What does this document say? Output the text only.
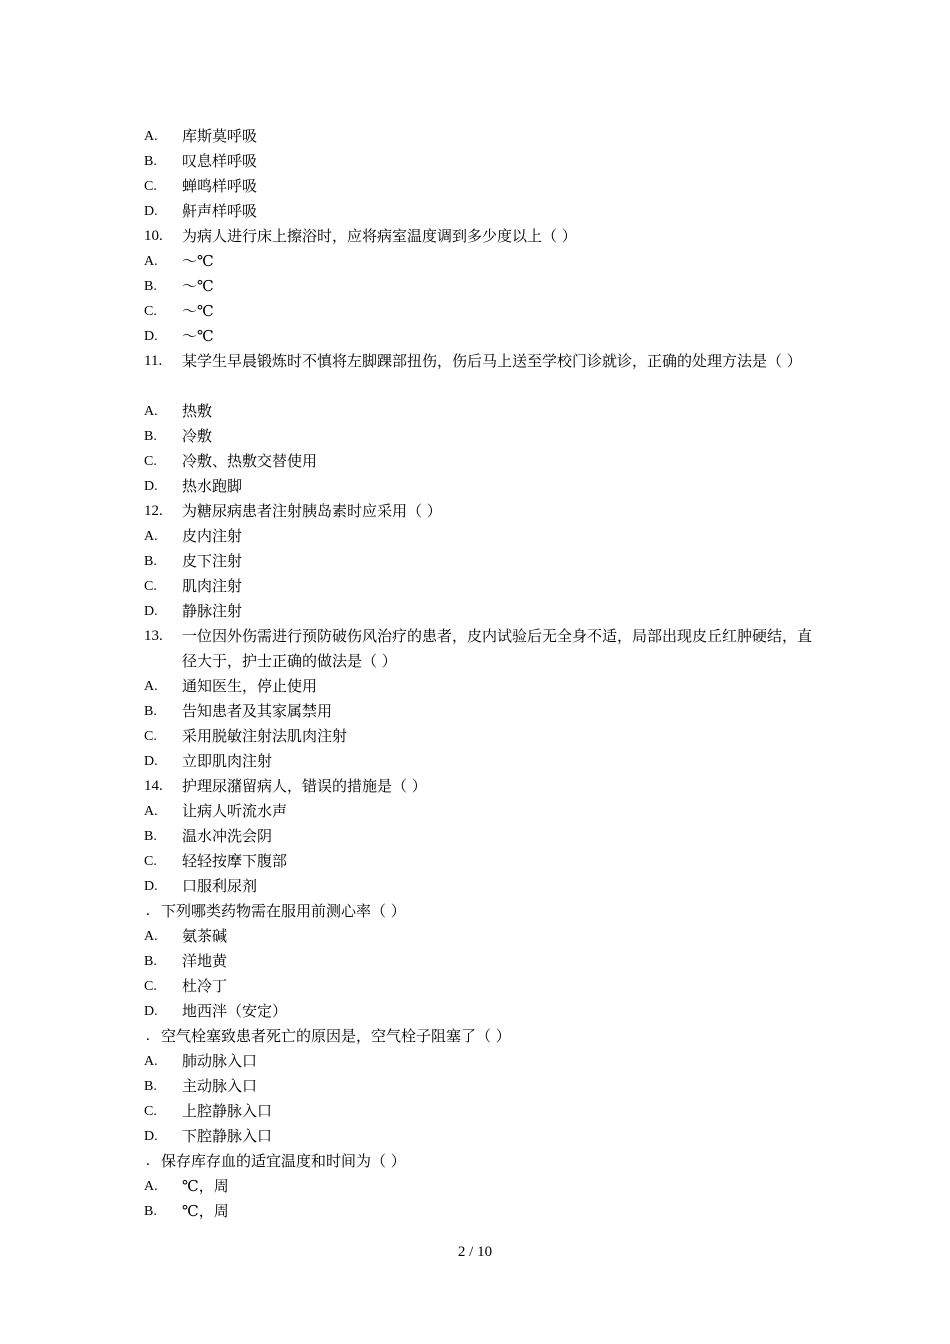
A. 库斯莫呼吸
B. 叹息样呼吸
C. 蝉鸣样呼吸
D. 鼾声样呼吸
10. 为病人进行床上擦浴时，应将病室温度调到多少度以上（ ）
A. ～℃
B. ～℃
C. ～℃
D. ～℃
11. 某学生早晨锻炼时不慎将左脚踝部扭伤，伤后马上送至学校门诊就诊，正确的处理方法是（ ）
A. 热敷
B. 冷敷
C. 冷敷、热敷交替使用
D. 热水跑脚
12. 为糖尿病患者注射胰岛素时应采用（ ）
A. 皮内注射
B. 皮下注射
C. 肌肉注射
D. 静脉注射
13. 一位因外伤需进行预防破伤风治疗的患者，皮内试验后无全身不适，局部出现皮丘红肿硬结，直径大于，护士正确的做法是（ ）
A. 通知医生，停止使用
B. 告知患者及其家属禁用
C. 采用脱敏注射法肌肉注射
D. 立即肌肉注射
14. 护理尿潴留病人，错误的措施是（ ）
A. 让病人听流水声
B. 温水冲洗会阴
C. 轻轻按摩下腹部
D. 口服利尿剂
. 下列哪类药物需在服用前测心率（ ）
A. 氨茶碱
B. 洋地黄
C. 杜冷丁
D. 地西泮（安定）
. 空气栓塞致患者死亡的原因是，空气栓子阻塞了（ ）
A. 肺动脉入口
B. 主动脉入口
C. 上腔静脉入口
D. 下腔静脉入口
. 保存库存血的适宜温度和时间为（ ）
A. ℃，周
B. ℃，周
2 / 10
